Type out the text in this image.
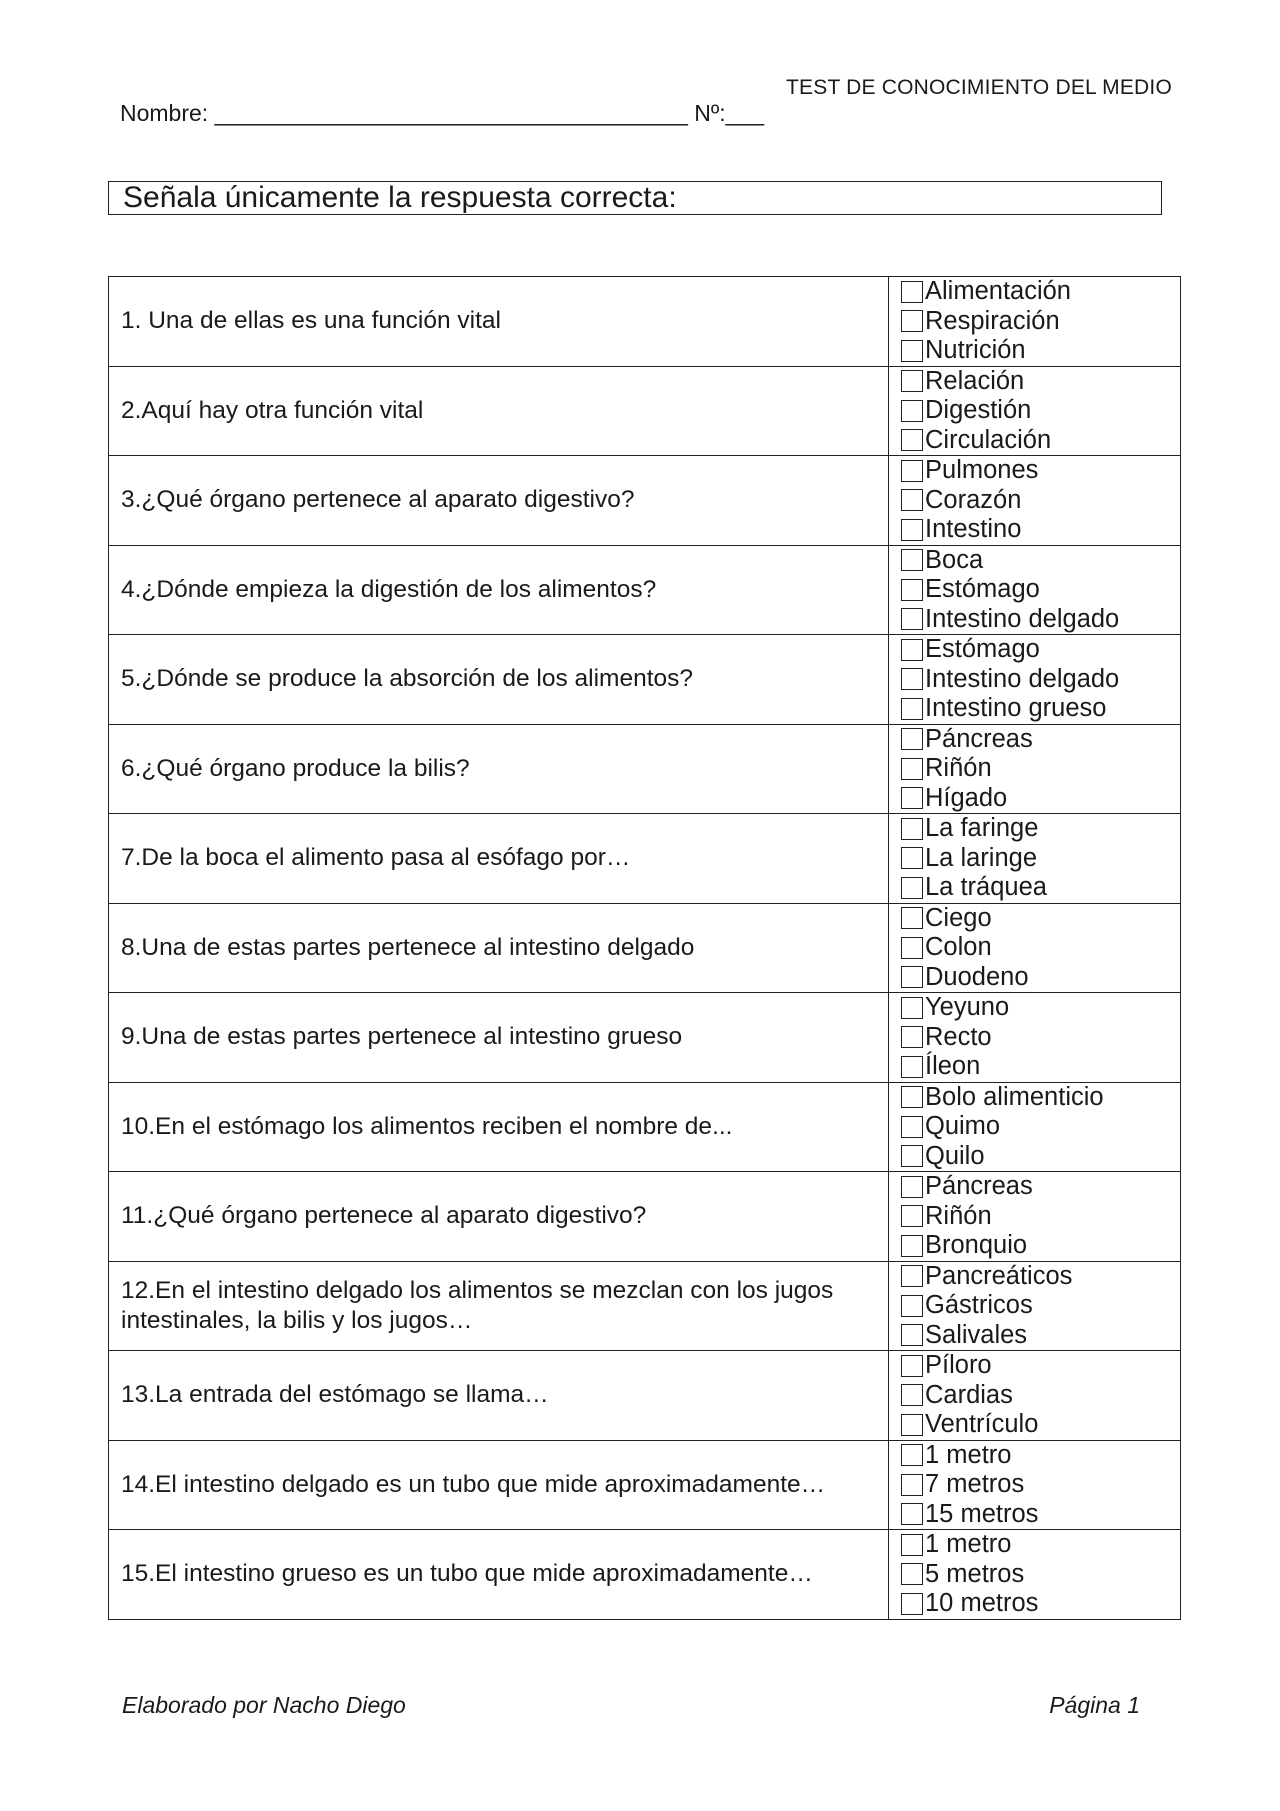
TEST DE CONOCIMIENTO DEL MEDIO
Nombre: _____________________________________ Nº:___
Señala únicamente la respuesta correcta:
1. Una de ellas es una función vital	Alimentación
Respiración
Nutrición

2.Aquí hay otra función vital	Relación
Digestión
Circulación

3.¿Qué órgano pertenece al aparato digestivo?	Pulmones
Corazón
Intestino

4.¿Dónde empieza la digestión de los alimentos?	Boca
Estómago
Intestino delgado

5.¿Dónde se produce la absorción de los alimentos?	Estómago
Intestino delgado
Intestino grueso

6.¿Qué órgano produce la bilis?	Páncreas
Riñón
Hígado

7.De la boca el alimento pasa al esófago por…	La faringe
La laringe
La tráquea

8.Una de estas partes pertenece al intestino delgado	Ciego
Colon
Duodeno

9.Una de estas partes pertenece al intestino grueso	Yeyuno
Recto
Íleon

10.En el estómago los alimentos reciben el nombre de...	Bolo alimenticio
Quimo
Quilo

11.¿Qué órgano pertenece al aparato digestivo?	Páncreas
Riñón
Bronquio

12.En el intestino delgado los alimentos se mezclan con los jugos intestinales, la bilis y los jugos…	Pancreáticos
Gástricos
Salivales

13.La entrada del estómago se llama…	Píloro
Cardias
Ventrículo

14.El intestino delgado es un tubo que mide aproximadamente…	1 metro
7 metros
15 metros

15.El intestino grueso es un tubo que mide aproximadamente…	1 metro
5 metros
10 metros
Elaborado por Nacho Diego	Página 1
